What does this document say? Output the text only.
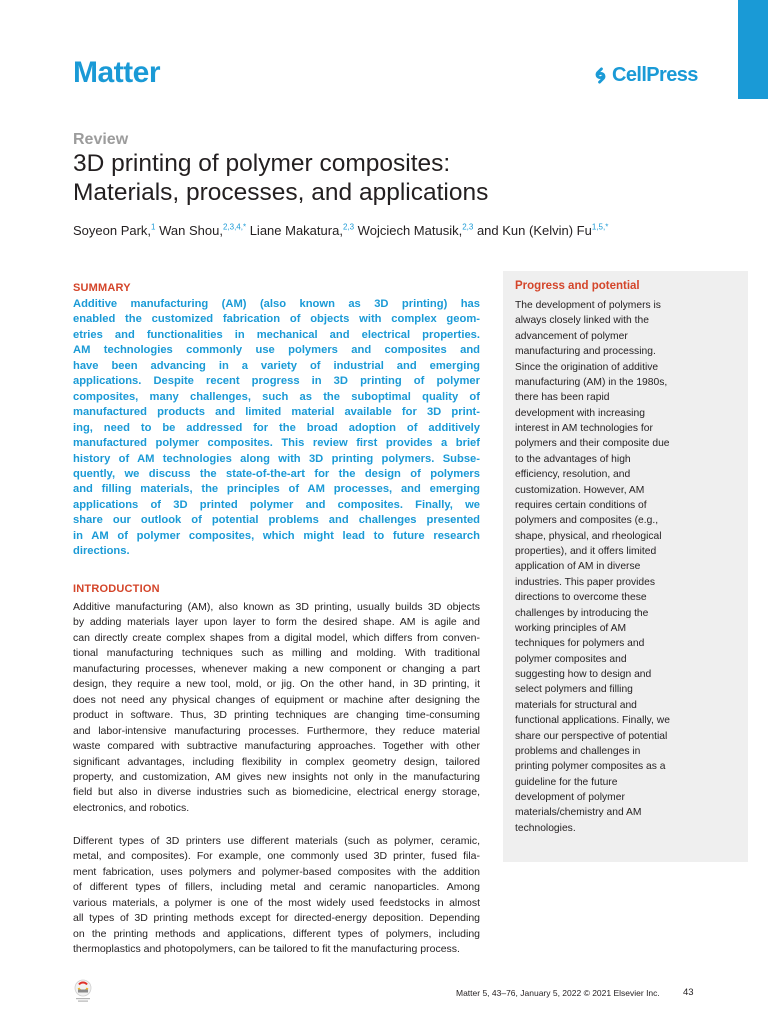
Matter	CellPress
Review
3D printing of polymer composites:
Materials, processes, and applications
Soyeon Park,$^1$ Wan Shou,$^{2,3,4,*}$ Liane Makatura,$^{2,3}$ Wojciech Matusik,$^{2,3}$ and Kun (Kelvin) $Fu^{1,5,*}$
SUMMARY
Additive manufacturing (AM) (also known as 3D printing) has
enabled the customized fabrication of objects with complex geom-
etries and functionalities in mechanical and electrical properties.
AM technologies commonly use polymers and composites and
have been advancing in a variety of industrial and emerging
applications. Despite recent progress in 3D printing of polymer
composites, many challenges, such as the suboptimal quality of
manufactured products and limited material available for 3D print-
ing, need to be addressed for the broad adoption of additively
manufactured polymer composites. This review first provides a brief
history of AM technologies along with 3D printing polymers. Subse-
quently, we discuss the state-of-the-art for the design of polymers
and filling materials, the principles of AM processes, and emerging
applications of 3D printed polymer and composites. Finally, we
share our outlook of potential problems and challenges presented
in AM of polymer composites, which might lead to future research
directions.
INTRODUCTION
Additive manufacturing (AM), also known as 3D printing, usually builds 3D objects
by adding materials layer upon layer to form the desired shape. AM is agile and
can directly create complex shapes from a digital model, which differs from conven-
tional manufacturing techniques such as milling and molding. With traditional
manufacturing processes, whenever making a new component or changing a part
design, they require a new tool, mold, or jig. On the other hand, in 3D printing, it
does not need any physical changes of equipment or machine after designing the
product in software. Thus, 3D printing techniques are changing time-consuming
and labor-intensive manufacturing processes. Furthermore, they reduce material
waste compared with subtractive manufacturing approaches. Together with other
significant advantages, including flexibility in complex geometry design, tailored
property, and customization, AM gives new insights not only in the manufacturing
field but also in diverse industries such as biomedicine, electrical energy storage,
electronics, and robotics.
Different types of 3D printers use different materials (such as polymer, ceramic,
metal, and composites). For example, one commonly used 3D printer, fused fila-
ment fabrication, uses polymers and polymer-based composites with the addition
of different types of fillers, including metal and ceramic nanoparticles. Among
various materials, a polymer is one of the most widely used feedstocks in almost
all types of 3D printing methods except for directed-energy deposition. Depending
on the printing methods and applications, different types of polymers, including
thermoplastics and photopolymers, can be tailored to fit the manufacturing process.
Progress and potential
The development of polymers is
always closely linked with the
advancement of polymer
manufacturing and processing.
Since the origination of additive
manufacturing (AM) in the 1980s,
there has been rapid
development with increasing
interest in AM technologies for
polymers and their composite due
to the advantages of high
efficiency, resolution, and
customization. However, AM
requires certain conditions of
polymers and composites (e.g.,
shape, physical, and rheological
properties), and it offers limited
application of AM in diverse
industries. This paper provides
directions to overcome these
challenges by introducing the
working principles of AM
techniques for polymers and
polymer composites and
suggesting how to design and
select polymers and filling
materials for structural and
functional applications. Finally, we
share our perspective of potential
problems and challenges in
printing polymer composites as a
guideline for the future
development of polymer
materials/chemistry and AM
technologies.
Matter 5, 43–76, January 5, 2022 © 2021 Elsevier Inc. 43
